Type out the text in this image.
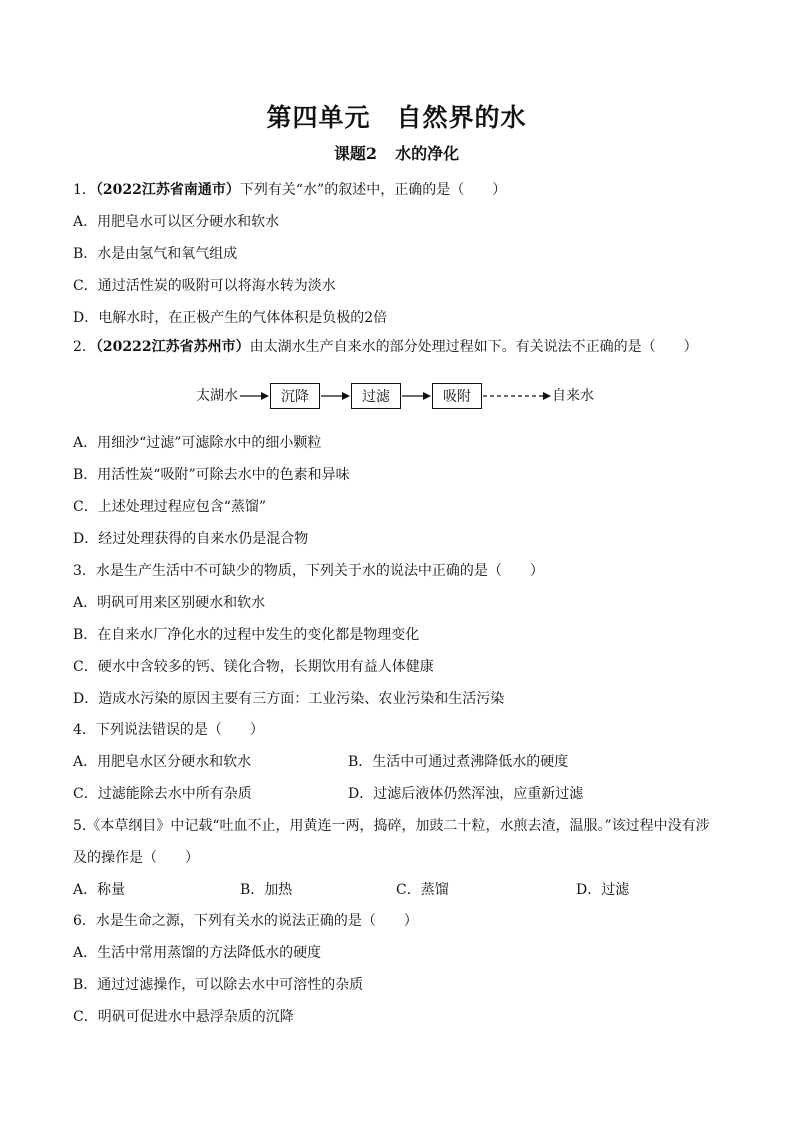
第四单元 自然界的水
课题2 水的净化
1．（2022江苏省南通市）下列有关“水”的叙述中，正确的是（　　）
A．用肥皂水可以区分硬水和软水
B．水是由氢气和氧气组成
C．通过活性炭的吸附可以将海水转为淡水
D．电解水时，在正极产生的气体体积是负极的2倍
2．（20222江苏省苏州市）由太湖水生产自来水的部分处理过程如下。有关说法不正确的是（　　）
太湖水	沉降	过滤	吸附	自来水
A．用细沙“过滤”可滤除水中的细小颗粒
B．用活性炭“吸附”可除去水中的色素和异味
C．上述处理过程应包含“蒸馏”
D．经过处理获得的自来水仍是混合物
3．水是生产生活中不可缺少的物质，下列关于水的说法中正确的是（　　）
A．明矾可用来区别硬水和软水
B．在自来水厂净化水的过程中发生的变化都是物理变化
C．硬水中含较多的钙、镁化合物，长期饮用有益人体健康
D．造成水污染的原因主要有三方面：工业污染、农业污染和生活污染
4．下列说法错误的是（　　）
A．用肥皂水区分硬水和软水	B．生活中可通过煮沸降低水的硬度
C．过滤能除去水中所有杂质	D．过滤后液体仍然浑浊，应重新过滤
5.《本草纲目》中记载“吐血不止，用黄连一两，捣碎，加豉二十粒，水煎去渣，温服。”该过程中没有涉
及的操作是（　　）
A．称量	B．加热	C．蒸馏	D．过滤
6．水是生命之源，下列有关水的说法正确的是（　　）
A．生活中常用蒸馏的方法降低水的硬度
B．通过过滤操作，可以除去水中可溶性的杂质
C．明矾可促进水中悬浮杂质的沉降
